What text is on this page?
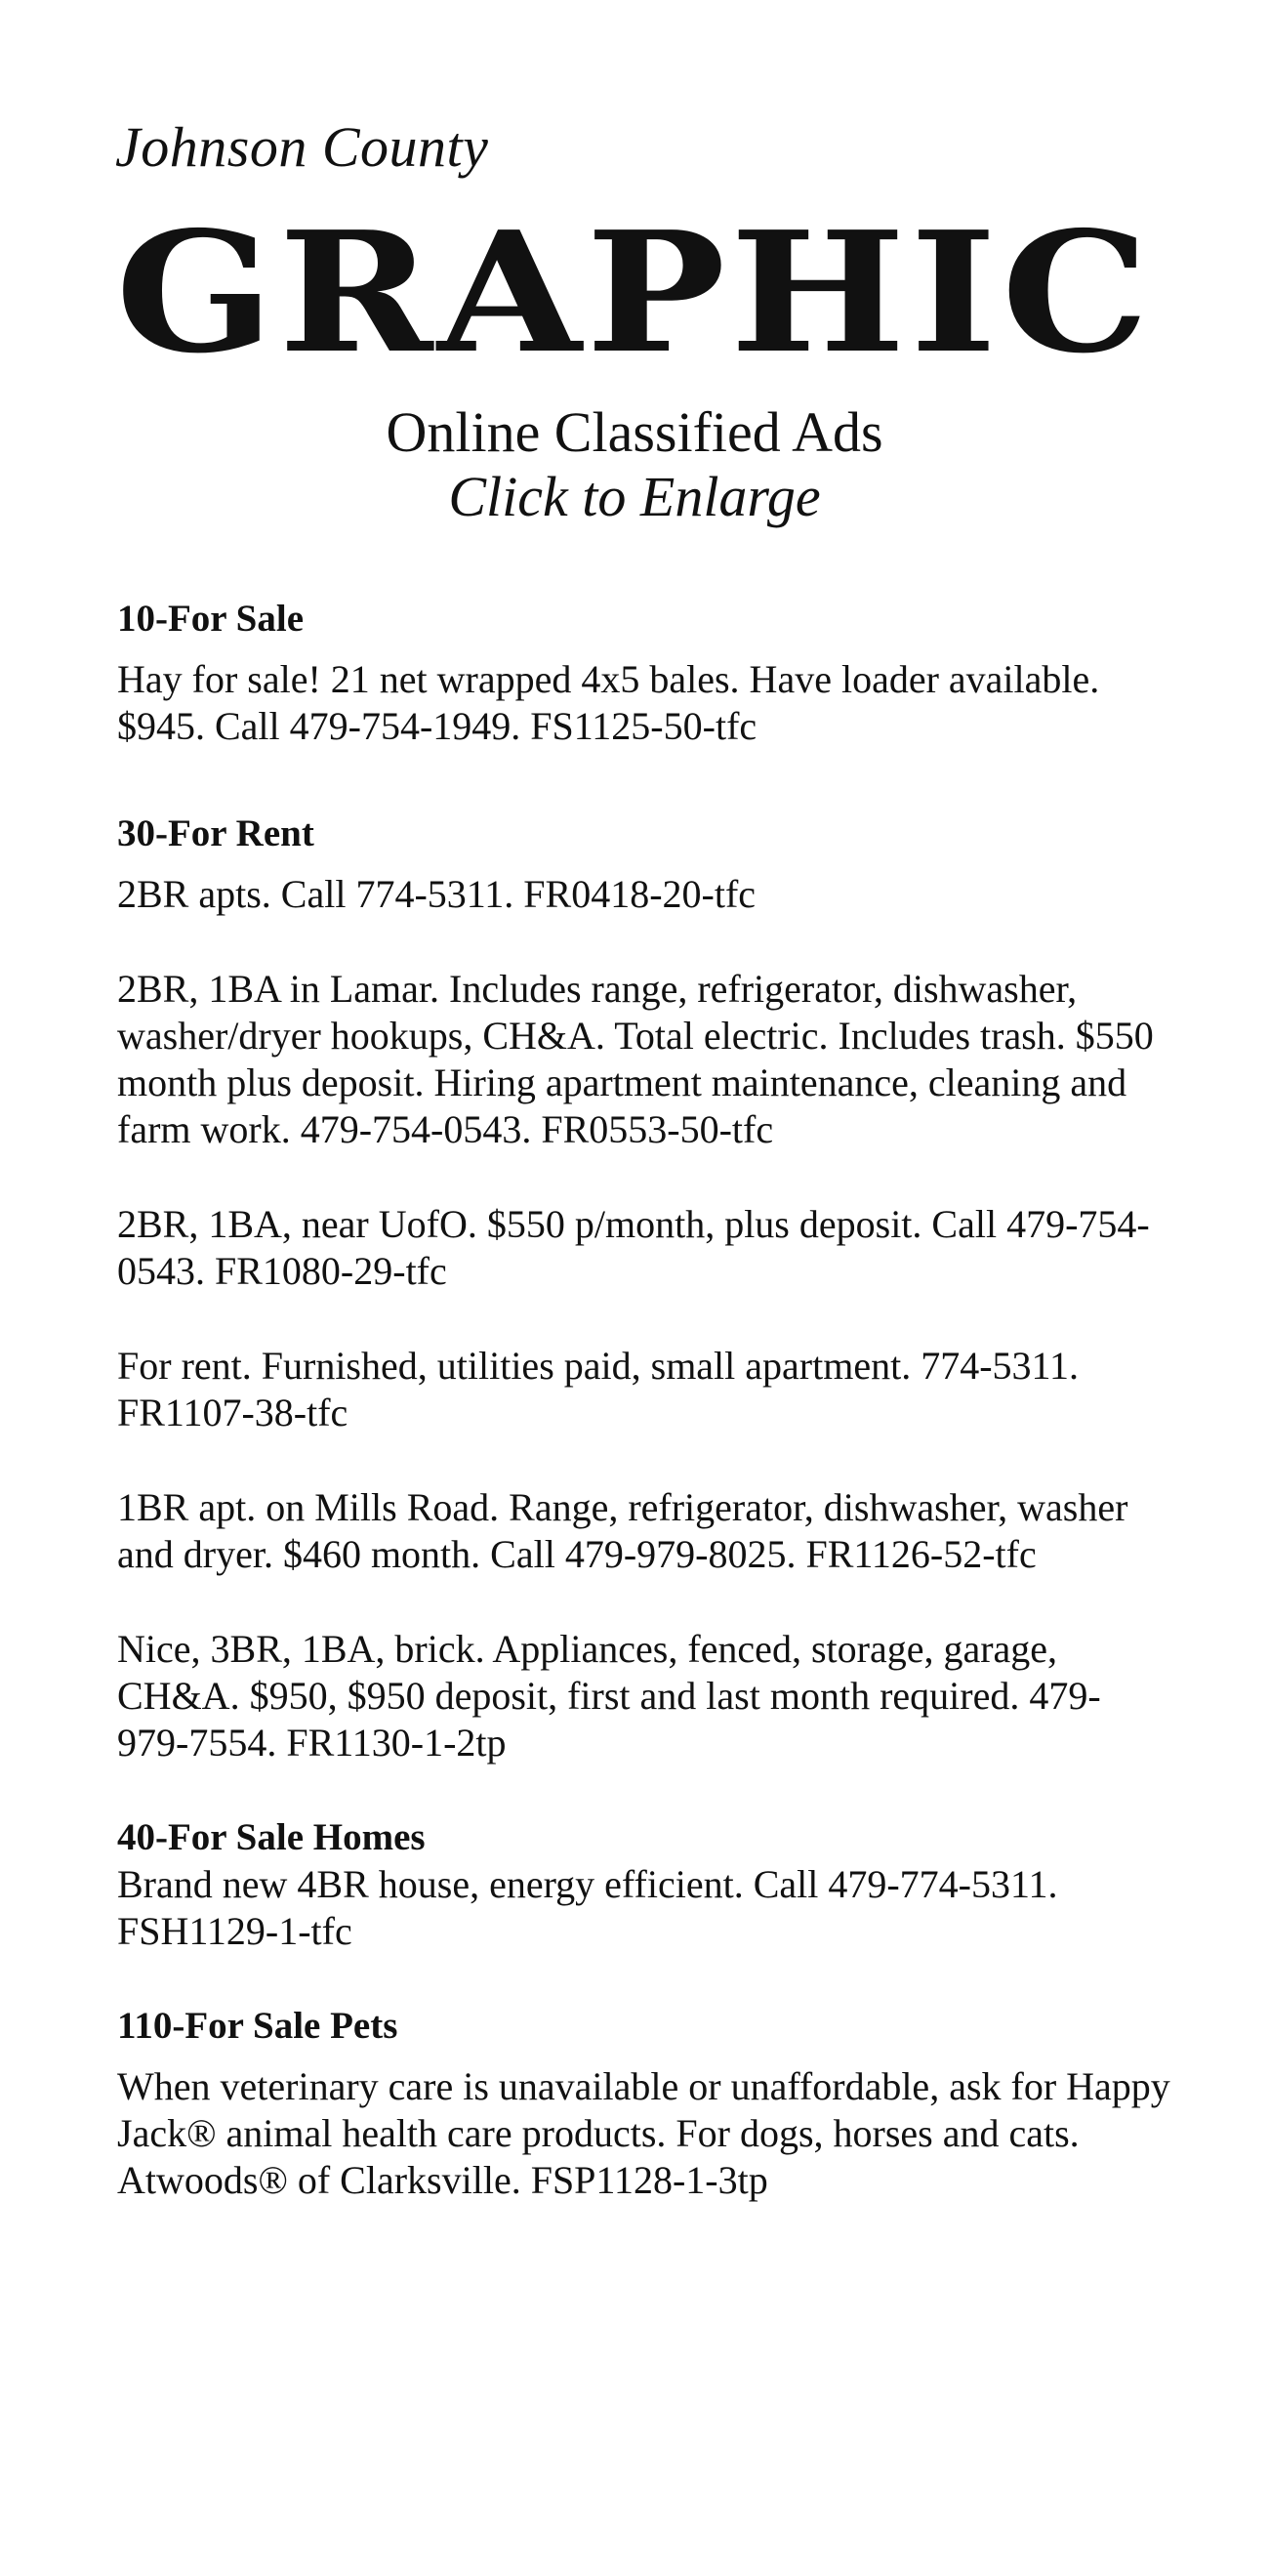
Johnson County
GRAPHIC
Online Classified Ads
Click to Enlarge

10-For Sale

Hay for sale! 21 net wrapped 4x5 bales. Have loader available. $945. Call 479-754-1949. FS1125-50-tfc

30-For Rent

2BR apts. Call 774-5311. FR0418-20-tfc

2BR, 1BA in Lamar. Includes range, refrigerator, dishwasher, washer/dryer hookups, CH&A. Total electric. Includes trash. $550 month plus deposit. Hiring apartment maintenance, cleaning and farm work. 479-754-0543. FR0553-50-tfc

2BR, 1BA, near UofO. $550 p/month, plus deposit. Call 479-754-0543. FR1080-29-tfc

For rent. Furnished, utilities paid, small apartment. 774-5311. FR1107-38-tfc

1BR apt. on Mills Road. Range, refrigerator, dishwasher, washer and dryer. $460 month. Call 479-979-8025. FR1126-52-tfc

Nice, 3BR, 1BA, brick. Appliances, fenced, storage, garage, CH&A. $950, $950 deposit, first and last month required. 479-979-7554. FR1130-1-2tp

40-For Sale Homes

Brand new 4BR house, energy efficient. Call 479-774-5311. FSH1129-1-tfc

110-For Sale Pets

When veterinary care is unavailable or unaffordable, ask for Happy Jack® animal health care products. For dogs, horses and cats. Atwoods® of Clarksville. FSP1128-1-3tp
